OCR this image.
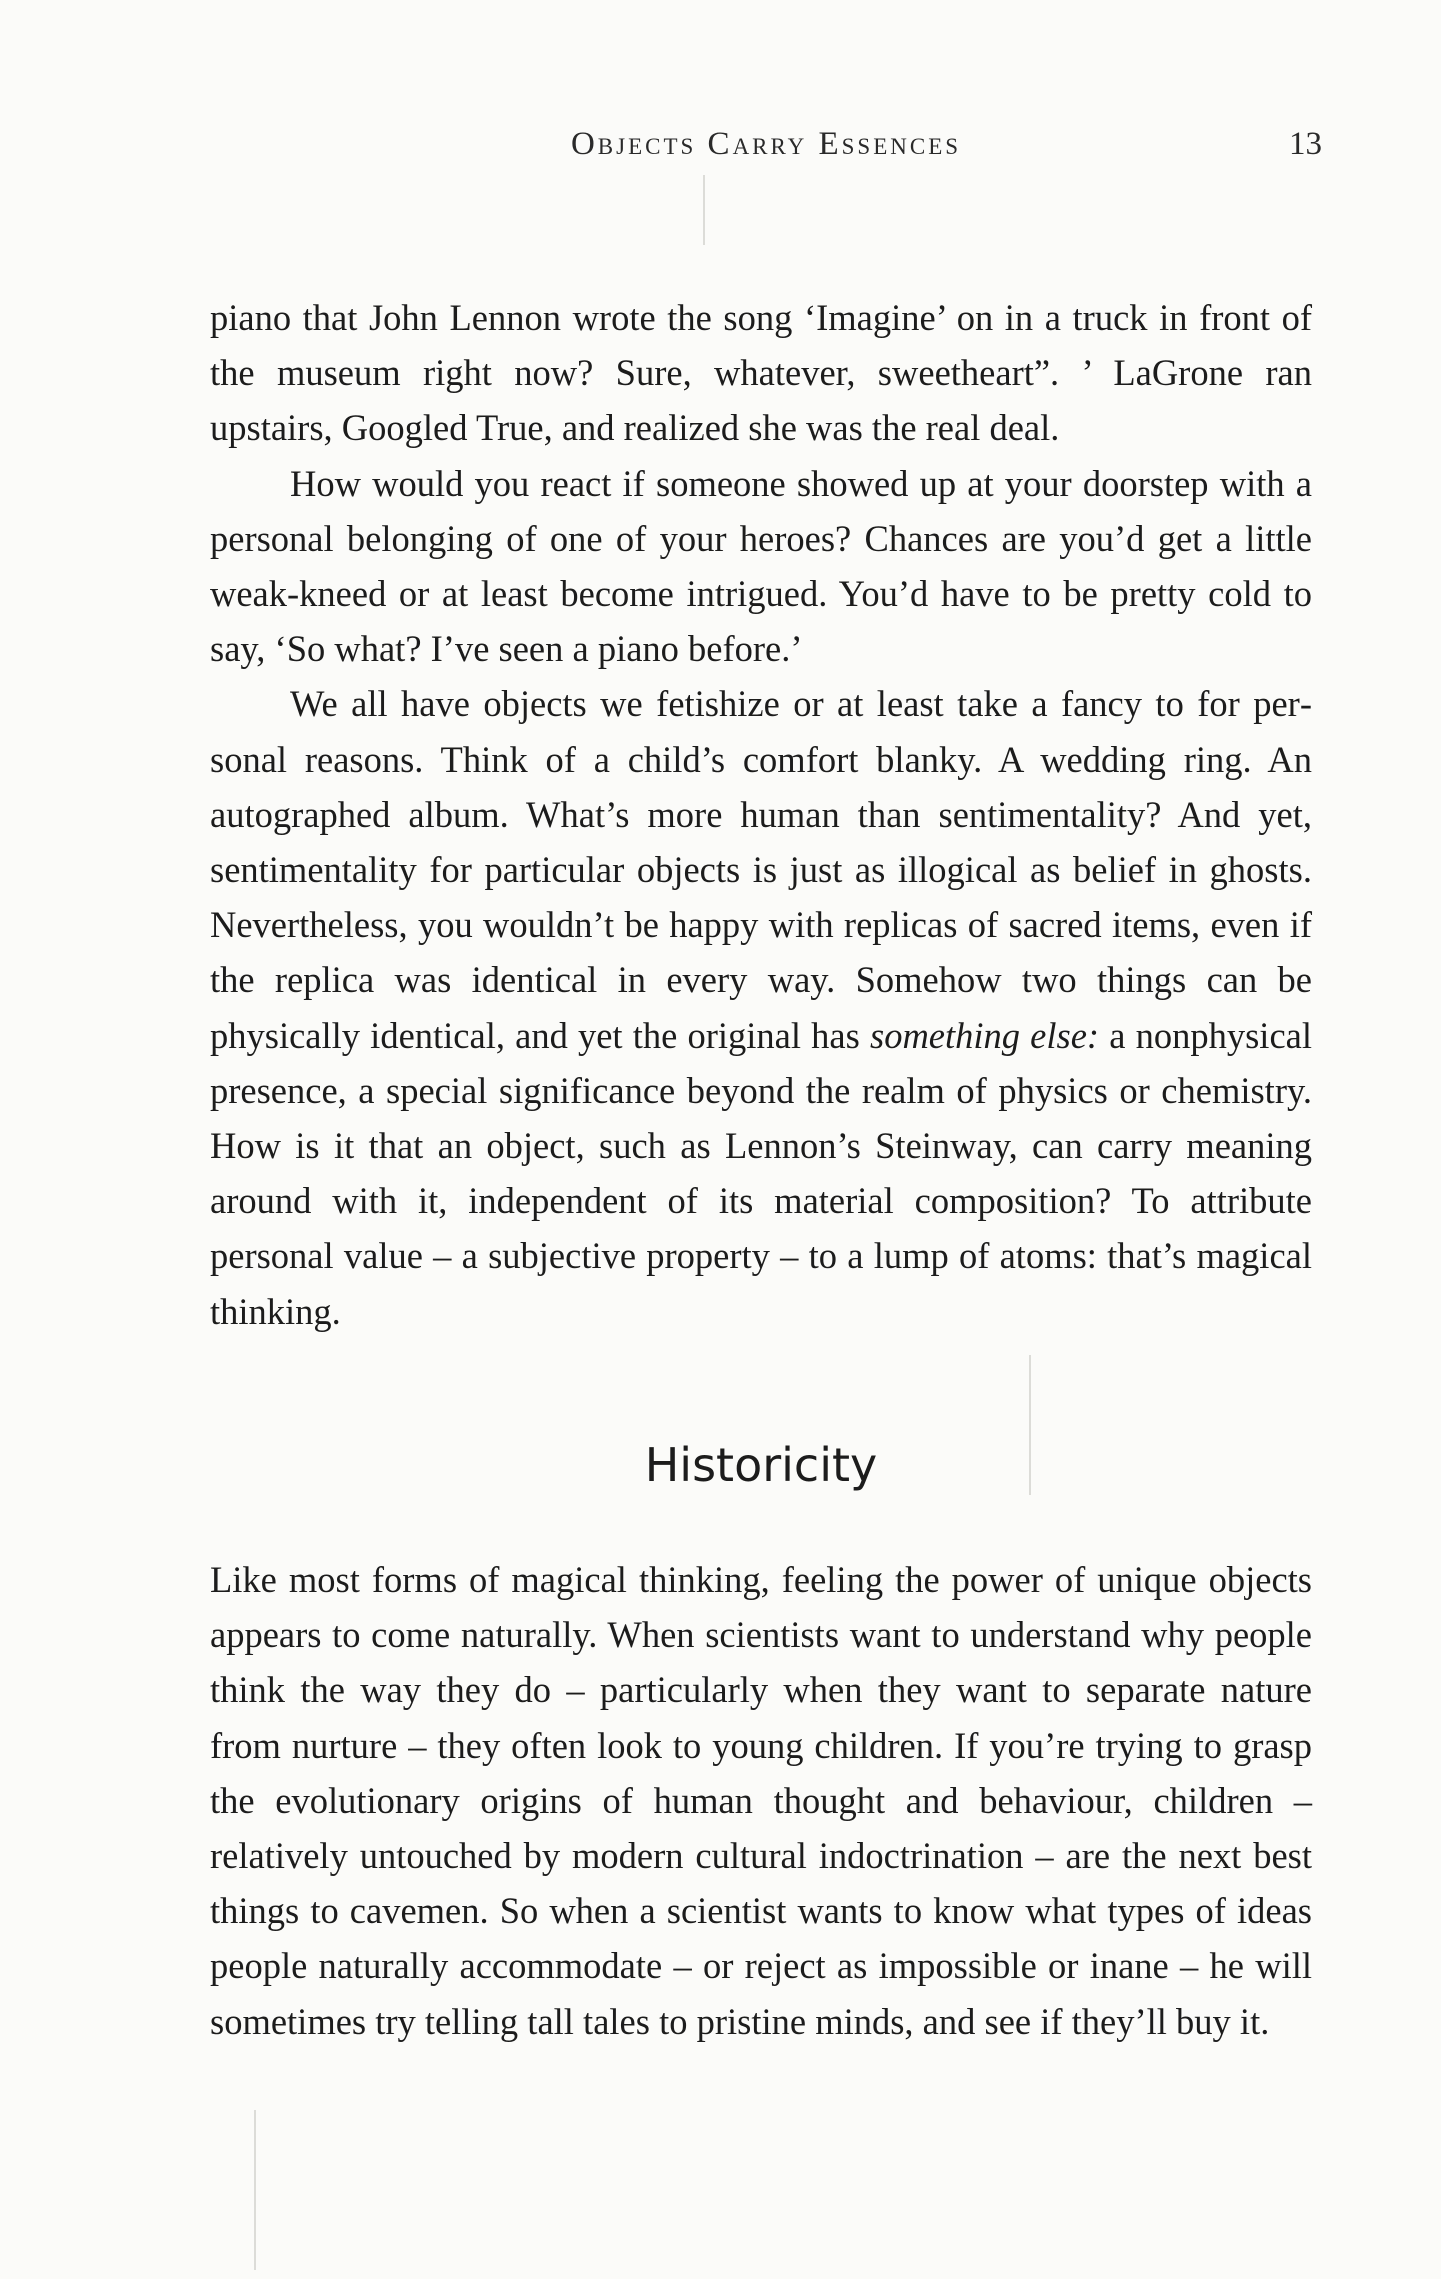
Objects Carry Essences	13

piano that John Lennon wrote the song ‘Imagine’ on in a truck in front of the museum right now? Sure, whatever, sweetheart”. ’ LaGrone ran upstairs, Googled True, and realized she was the real deal.

How would you react if someone showed up at your doorstep with a personal belonging of one of your heroes? Chances are you’d get a little weak-kneed or at least become intrigued. You’d have to be pretty cold to say, ‘So what? I’ve seen a piano before.’

We all have objects we fetishize or at least take a fancy to for personal reasons. Think of a child’s comfort blanky. A wedding ring. An autographed album. What’s more human than sentimentality? And yet, sentimentality for particular objects is just as illogical as belief in ghosts. Nevertheless, you wouldn’t be happy with replicas of sacred items, even if the replica was identical in every way. Somehow two things can be physically identical, and yet the original has something else: a nonphysical presence, a special significance beyond the realm of physics or chemistry. How is it that an object, such as Lennon’s Steinway, can carry meaning around with it, independent of its material composition? To attribute personal value – a subjective property – to a lump of atoms: that’s magical thinking.

Historicity

Like most forms of magical thinking, feeling the power of unique objects appears to come naturally. When scientists want to understand why people think the way they do – particularly when they want to separate nature from nurture – they often look to young children. If you’re trying to grasp the evolutionary origins of human thought and behaviour, children – relatively untouched by modern cultural indoctrination – are the next best things to cavemen. So when a scientist wants to know what types of ideas people naturally accommodate – or reject as impossible or inane – he will sometimes try telling tall tales to pristine minds, and see if they’ll buy it.
